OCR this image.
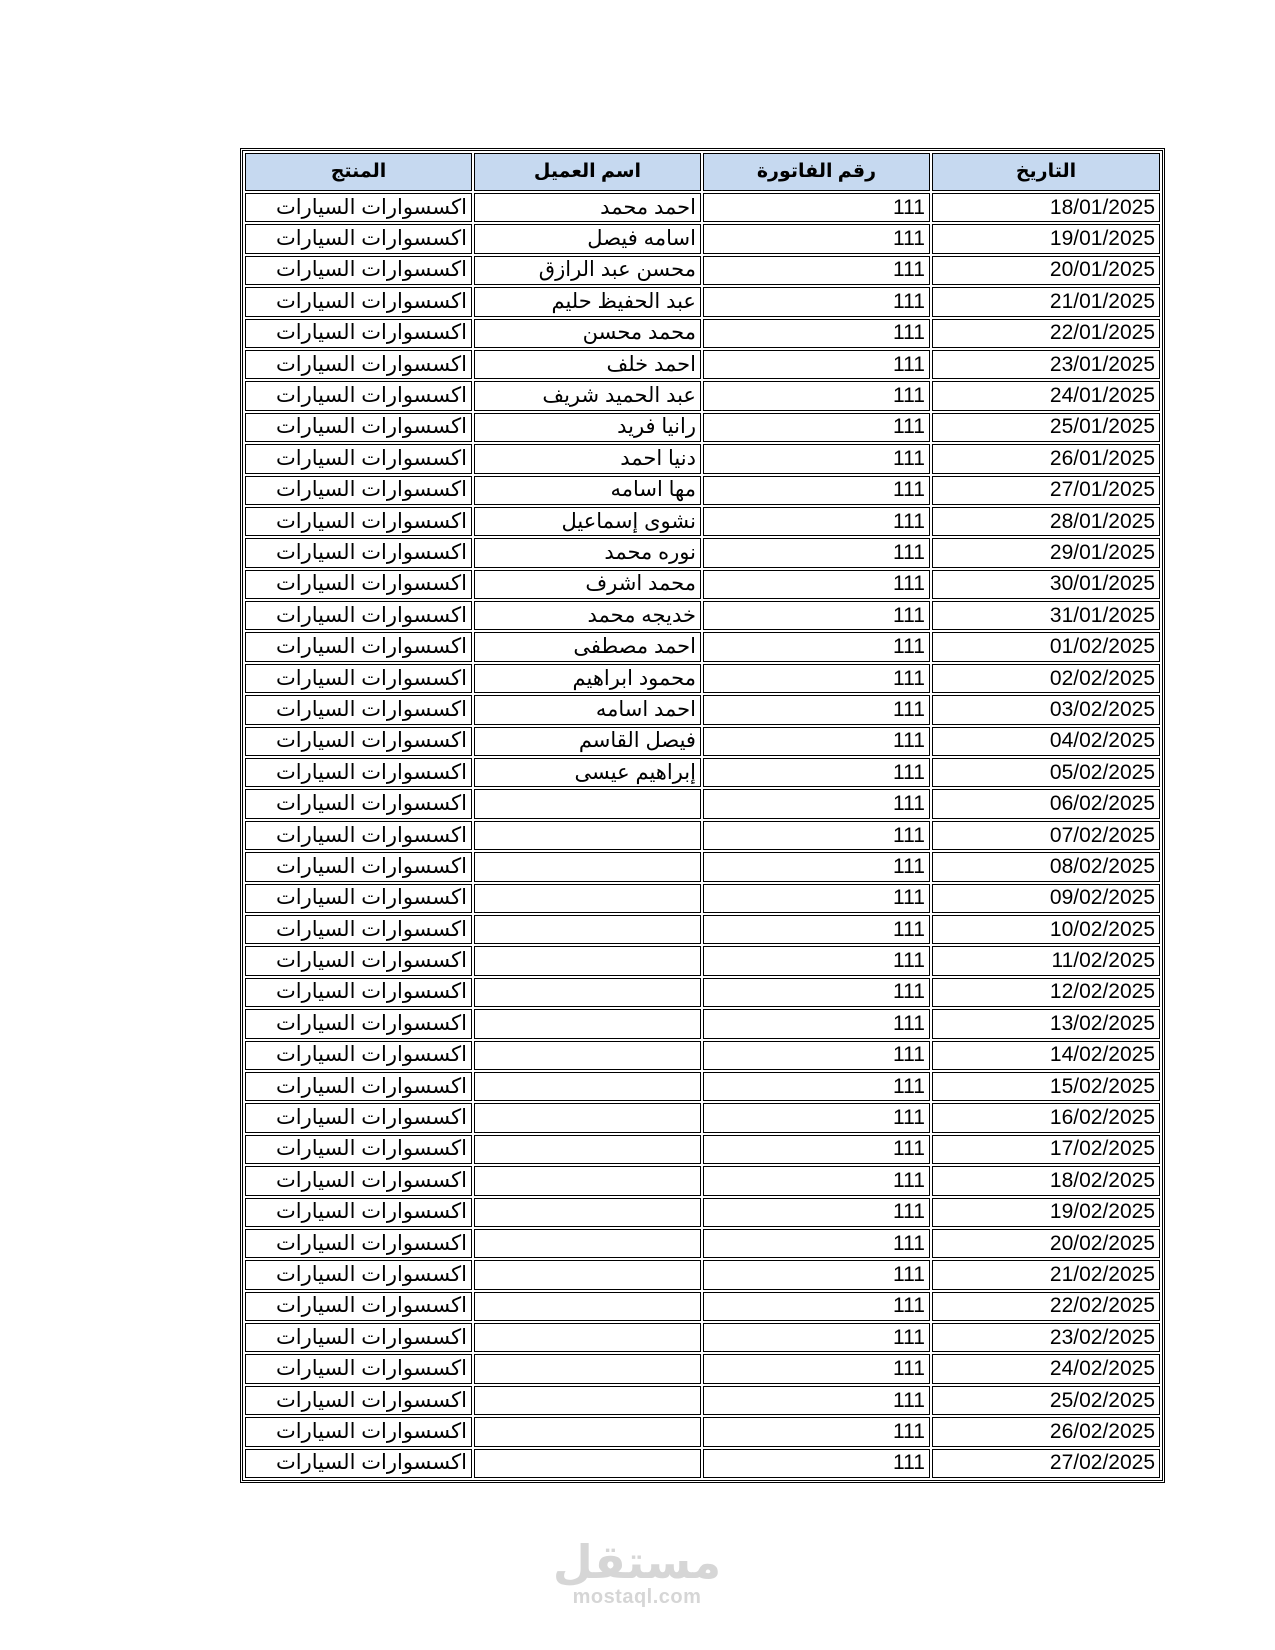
المنتج	اسم العميل	رقم الفاتورة	التاريخ
اكسسوارات السيارات	احمد محمد	111	18/01/2025
اكسسوارات السيارات	اسامه فيصل	111	19/01/2025
اكسسوارات السيارات	محسن عبد الرازق	111	20/01/2025
اكسسوارات السيارات	عبد الحفيظ حليم	111	21/01/2025
اكسسوارات السيارات	محمد محسن	111	22/01/2025
اكسسوارات السيارات	احمد خلف	111	23/01/2025
اكسسوارات السيارات	عبد الحميد شريف	111	24/01/2025
اكسسوارات السيارات	رانيا فريد	111	25/01/2025
اكسسوارات السيارات	دنيا احمد	111	26/01/2025
اكسسوارات السيارات	مها اسامه	111	27/01/2025
اكسسوارات السيارات	نشوى إسماعيل	111	28/01/2025
اكسسوارات السيارات	نوره محمد	111	29/01/2025
اكسسوارات السيارات	محمد اشرف	111	30/01/2025
اكسسوارات السيارات	خديجه محمد	111	31/01/2025
اكسسوارات السيارات	احمد مصطفى	111	01/02/2025
اكسسوارات السيارات	محمود ابراهيم	111	02/02/2025
اكسسوارات السيارات	احمد اسامه	111	03/02/2025
اكسسوارات السيارات	فيصل القاسم	111	04/02/2025
اكسسوارات السيارات	إبراهيم عيسى	111	05/02/2025
اكسسوارات السيارات		111	06/02/2025
اكسسوارات السيارات		111	07/02/2025
اكسسوارات السيارات		111	08/02/2025
اكسسوارات السيارات		111	09/02/2025
اكسسوارات السيارات		111	10/02/2025
اكسسوارات السيارات		111	11/02/2025
اكسسوارات السيارات		111	12/02/2025
اكسسوارات السيارات		111	13/02/2025
اكسسوارات السيارات		111	14/02/2025
اكسسوارات السيارات		111	15/02/2025
اكسسوارات السيارات		111	16/02/2025
اكسسوارات السيارات		111	17/02/2025
اكسسوارات السيارات		111	18/02/2025
اكسسوارات السيارات		111	19/02/2025
اكسسوارات السيارات		111	20/02/2025
اكسسوارات السيارات		111	21/02/2025
اكسسوارات السيارات		111	22/02/2025
اكسسوارات السيارات		111	23/02/2025
اكسسوارات السيارات		111	24/02/2025
اكسسوارات السيارات		111	25/02/2025
اكسسوارات السيارات		111	26/02/2025
اكسسوارات السيارات		111	27/02/2025
مستقل
mostaql.com
